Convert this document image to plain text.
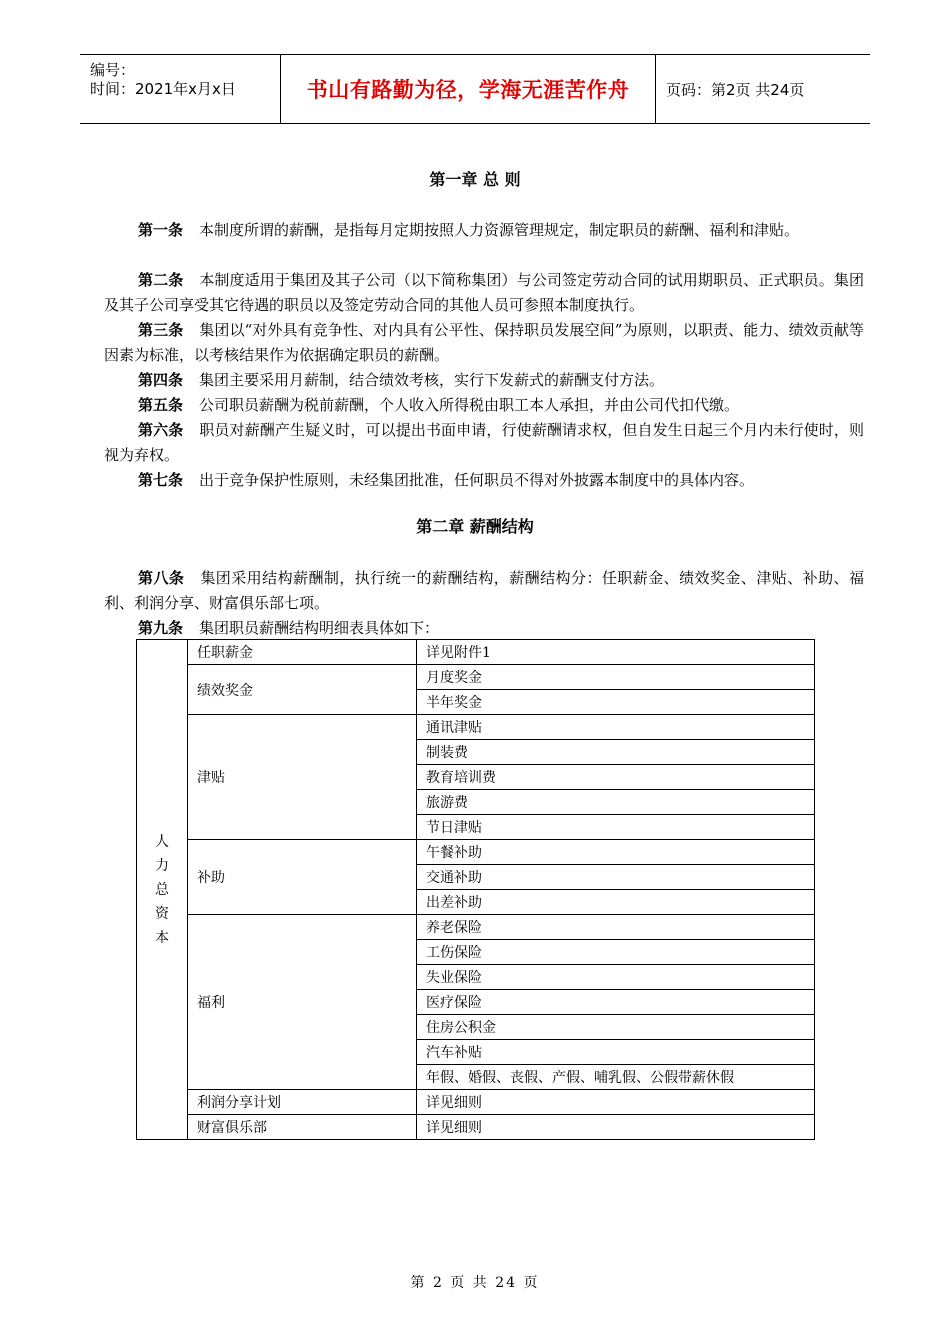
编号：
时间：2021年x月x日	书山有路勤为径，学海无涯苦作舟	页码：第2页 共24页
第一章 总 则
第一条 本制度所谓的薪酬，是指每月定期按照人力资源管理规定，制定职员的薪酬、福利和津贴。
第二条 本制度适用于集团及其子公司（以下简称集团）与公司签定劳动合同的试用期职员、正式职员。集团及其子公司享受其它待遇的职员以及签定劳动合同的其他人员可参照本制度执行。
第三条 集团以“对外具有竞争性、对内具有公平性、保持职员发展空间”为原则，以职责、能力、绩效贡献等因素为标准，以考核结果作为依据确定职员的薪酬。
第四条 集团主要采用月薪制，结合绩效考核，实行下发薪式的薪酬支付方法。
第五条 公司职员薪酬为税前薪酬，个人收入所得税由职工本人承担，并由公司代扣代缴。
第六条 职员对薪酬产生疑义时，可以提出书面申请，行使薪酬请求权，但自发生日起三个月内未行使时，则视为弃权。
第七条 出于竞争保护性原则，未经集团批准，任何职员不得对外披露本制度中的具体内容。
第二章 薪酬结构
第八条 集团采用结构薪酬制，执行统一的薪酬结构，薪酬结构分：任职薪金、绩效奖金、津贴、补助、福利、利润分享、财富俱乐部七项。
第九条 集团职员薪酬结构明细表具体如下：
人
力
总
资
本	任职薪金	详见附件1
	绩效奖金	月度奖金
		半年奖金
	津贴	通讯津贴
		制装费
		教育培训费
		旅游费
		节日津贴
	补助	午餐补助
		交通补助
		出差补助
	福利	养老保险
		工伤保险
		失业保险
		医疗保险
		住房公积金
		汽车补贴
		年假、婚假、丧假、产假、哺乳假、公假带薪休假
	利润分享计划	详见细则
	财富俱乐部	详见细则
第 2 页 共 24 页
